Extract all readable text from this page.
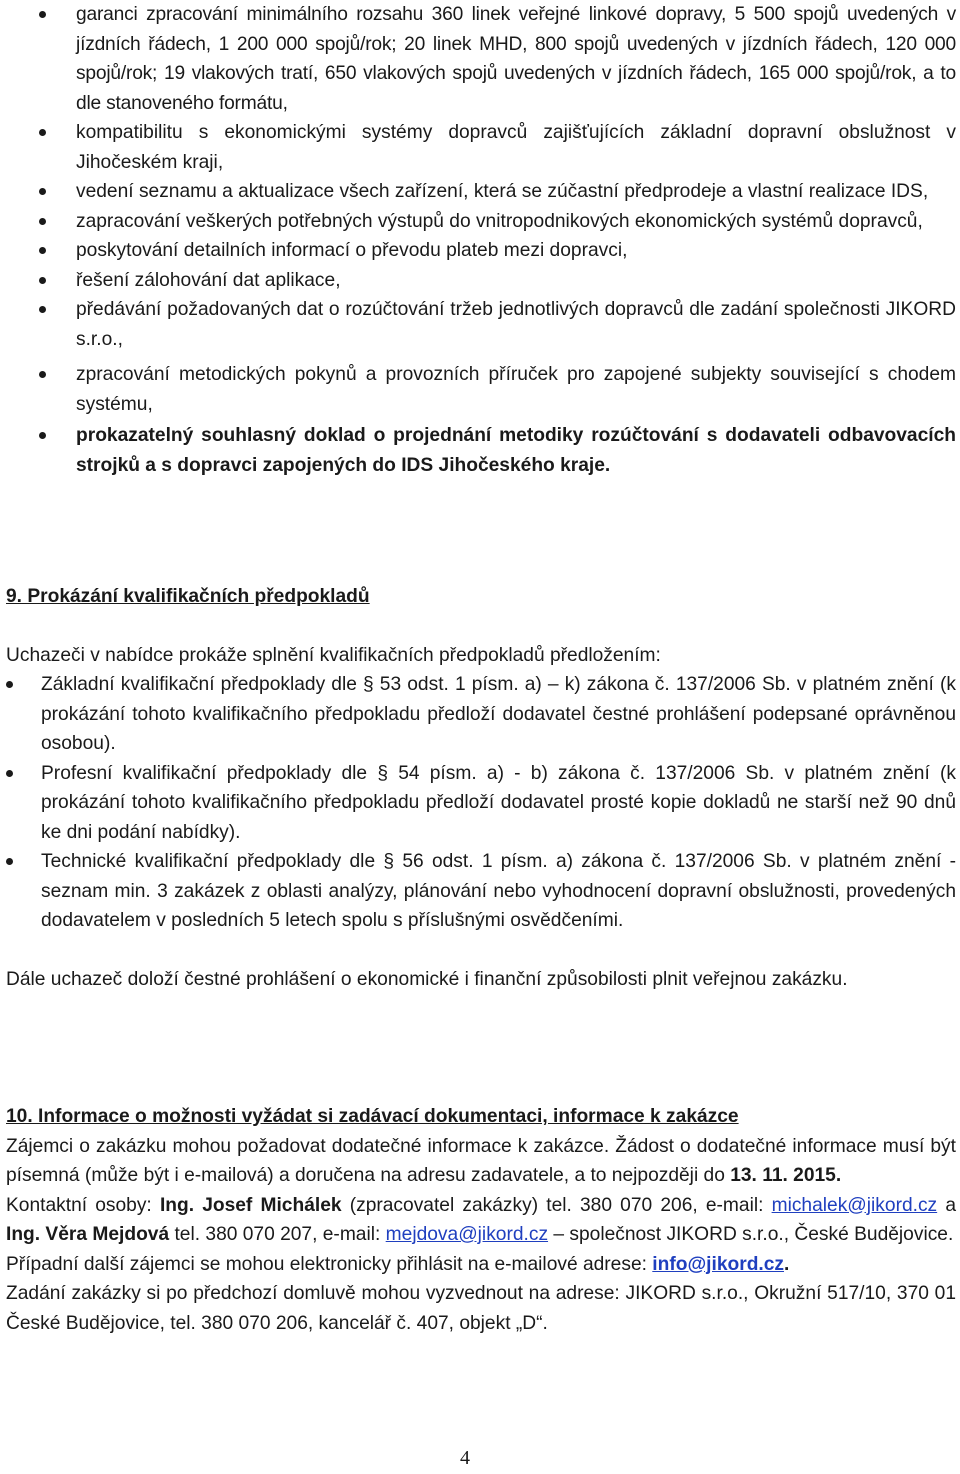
garanci zpracování minimálního rozsahu 360 linek veřejné linkové dopravy, 5 500 spojů uvedených v jízdních řádech, 1 200 000 spojů/rok; 20 linek MHD, 800 spojů uvedených v jízdních řádech, 120 000 spojů/rok; 19 vlakových tratí, 650 vlakových spojů uvedených v jízdních řádech, 165 000 spojů/rok, a to dle stanoveného formátu,
kompatibilitu s ekonomickými systémy dopravců zajišťujících základní dopravní obslužnost v Jihočeském kraji,
vedení seznamu a aktualizace všech zařízení, která se zúčastní předprodeje a vlastní realizace IDS,
zapracování veškerých potřebných výstupů do vnitropodnikových ekonomických systémů dopravců,
poskytování detailních informací o převodu plateb mezi dopravci,
řešení zálohování dat aplikace,
předávání požadovaných dat o rozúčtování tržeb jednotlivých dopravců dle zadání společnosti JIKORD s.r.o.,
zpracování metodických pokynů a provozních příruček pro zapojené subjekty související s chodem systému,
prokazatelný souhlasný doklad o projednání metodiky rozúčtování s dodavateli odbavovacích strojků a s dopravci zapojených do IDS Jihočeského kraje.
9. Prokázání kvalifikačních předpokladů
Uchazeči v nabídce prokáže splnění kvalifikačních předpokladů předložením:
Základní kvalifikační předpoklady dle § 53 odst. 1 písm. a) – k) zákona č. 137/2006 Sb. v platném znění (k prokázání tohoto kvalifikačního předpokladu předloží dodavatel čestné prohlášení podepsané oprávněnou osobou).
Profesní kvalifikační předpoklady dle § 54 písm. a) - b) zákona č. 137/2006 Sb. v platném znění (k prokázání tohoto kvalifikačního předpokladu předloží dodavatel prosté kopie dokladů ne starší než 90 dnů ke dni podání nabídky).
Technické kvalifikační předpoklady dle § 56 odst. 1 písm. a) zákona č. 137/2006 Sb. v platném znění - seznam min. 3 zakázek z oblasti analýzy, plánování nebo vyhodnocení dopravní obslužnosti, provedených dodavatelem v posledních 5 letech spolu s příslušnými osvědčeními.
Dále uchazeč doloží čestné prohlášení o ekonomické i finanční způsobilosti plnit veřejnou zakázku.
10. Informace o možnosti vyžádat si zadávací dokumentaci, informace k zakázce
Zájemci o zakázku mohou požadovat dodatečné informace k zakázce. Žádost o dodatečné informace musí být písemná (může být i e-mailová) a doručena na adresu zadavatele, a to nejpozději do 13. 11. 2015.
Kontaktní osoby: Ing. Josef Michálek (zpracovatel zakázky) tel. 380 070 206, e-mail: michalek@jikord.cz a Ing. Věra Mejdová tel. 380 070 207, e-mail: mejdova@jikord.cz – společnost JIKORD s.r.o., České Budějovice.
Případní další zájemci se mohou elektronicky přihlásit na e-mailové adrese: info@jikord.cz.
Zadání zakázky si po předchozí domluvě mohou vyzvednout na adrese: JIKORD s.r.o., Okružní 517/10, 370 01 České Budějovice, tel. 380 070 206, kancelář č. 407, objekt „D“.
4
